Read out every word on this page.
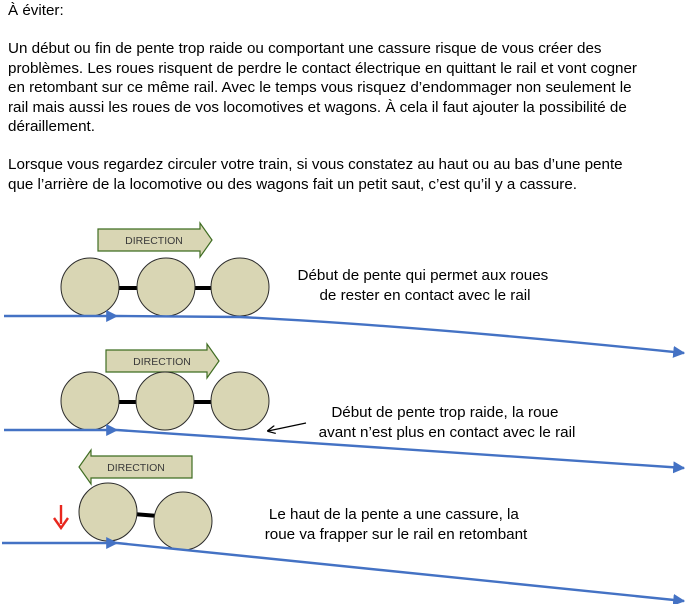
À éviter:

Un début ou fin de pente trop raide ou comportant une cassure risque de vous créer des
problèmes. Les roues risquent de perdre le contact électrique en quittant le rail et vont cogner
en retombant sur ce même rail. Avec le temps vous risquez d’endommager non seulement le
rail mais aussi les roues de vos locomotives et wagons. À cela il faut ajouter la possibilité de
déraillement.

Lorsque vous regardez circuler votre train, si vous constatez au haut ou au bas d’une pente
que l’arrière de la locomotive ou des wagons fait un petit saut, c’est qu’il y a cassure.

DIRECTION
Début de pente qui permet aux roues de rester en contact avec le rail
DIRECTION
Début de pente trop raide, la roue avant n’est plus en contact avec le rail
DIRECTION
Le haut de la pente a une cassure, la roue va frapper sur le rail en retombant
